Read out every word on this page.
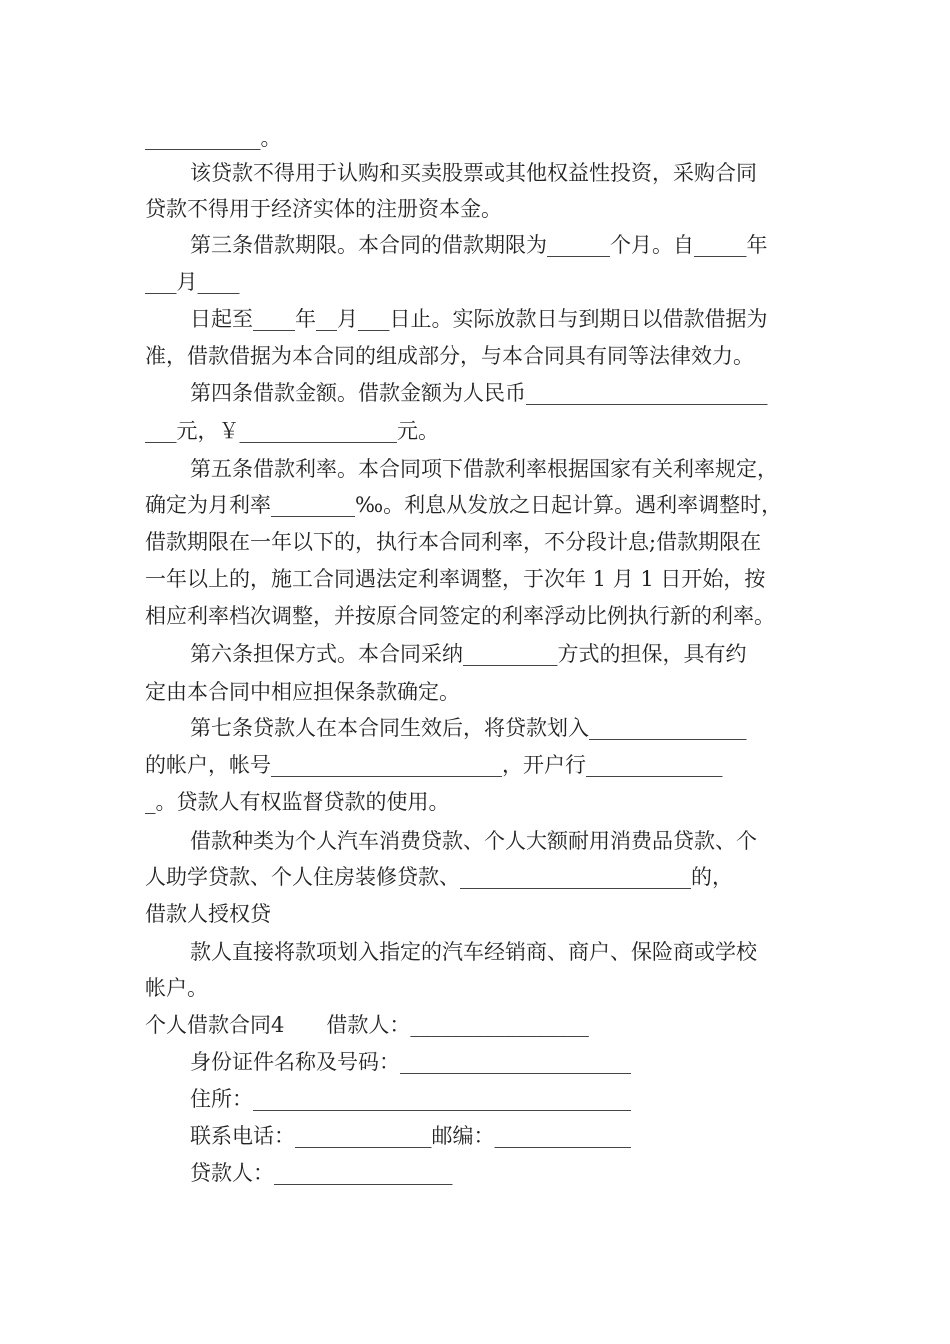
___________。
该贷款不得用于认购和买卖股票或其他权益性投资，采购合同
贷款不得用于经济实体的注册资本金。
第三条借款期限。本合同的借款期限为______个月。自_____年
___月____
日起至____年__月___日止。实际放款日与到期日以借款借据为
准，借款借据为本合同的组成部分，与本合同具有同等法律效力。
第四条借款金额。借款金额为人民币_______________________
___元，￥_______________元。
第五条借款利率。本合同项下借款利率根据国家有关利率规定，
确定为月利率________‰。利息从发放之日起计算。遇利率调整时，
借款期限在一年以下的，执行本合同利率，不分段计息;借款期限在
一年以上的，施工合同遇法定利率调整，于次年 1 月 1 日开始，按
相应利率档次调整，并按原合同签定的利率浮动比例执行新的利率。
第六条担保方式。本合同采纳_________方式的担保，具有约
定由本合同中相应担保条款确定。
第七条贷款人在本合同生效后，将贷款划入_______________
的帐户，帐号______________________，开户行_____________
_。贷款人有权监督贷款的使用。
借款种类为个人汽车消费贷款、个人大额耐用消费品贷款、个
人助学贷款、个人住房装修贷款、______________________的，
借款人授权贷
款人直接将款项划入指定的汽车经销商、商户、保险商或学校
帐户。
个人借款合同4　　借款人：_________________
身份证件名称及号码：______________________
住所：____________________________________
联系电话：_____________邮编：_____________
贷款人：_________________
